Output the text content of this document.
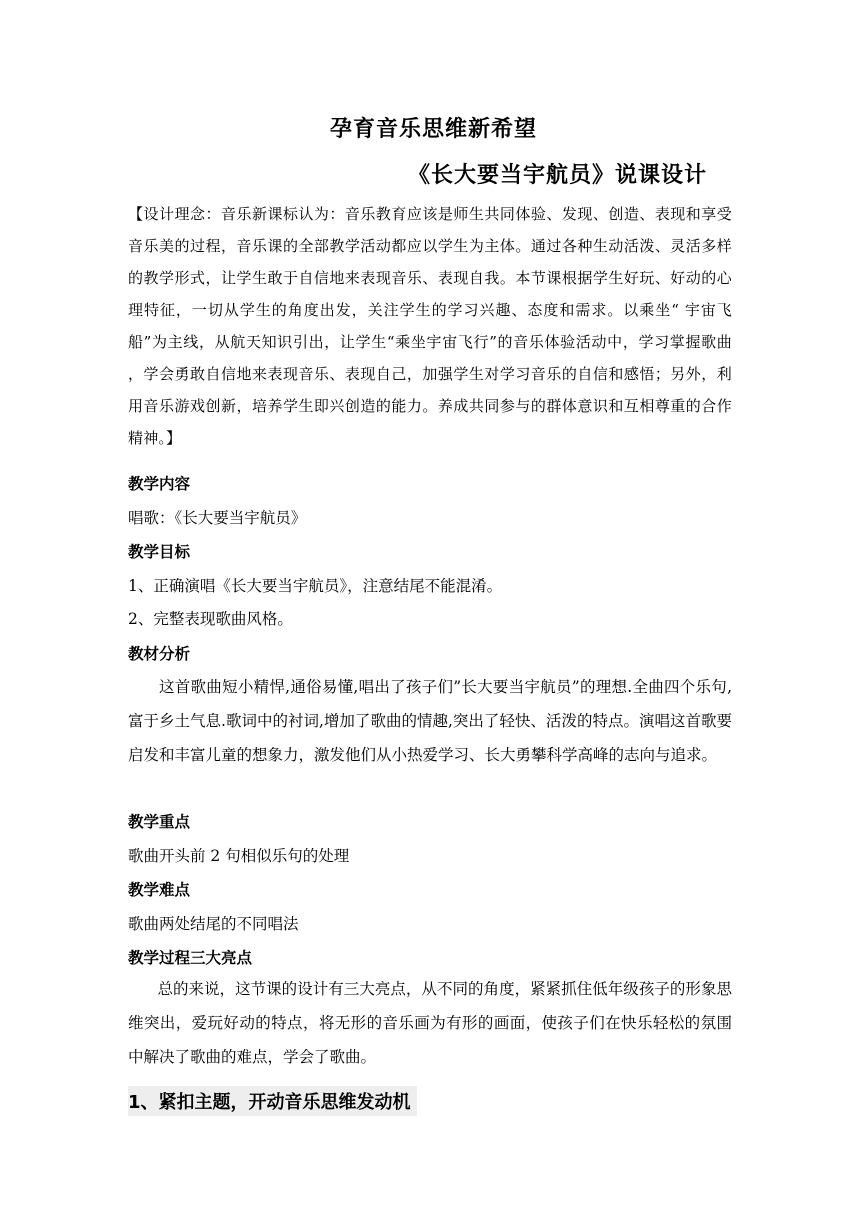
孕育音乐思维新希望
《长大要当宇航员》说课设计
【设计理念：音乐新课标认为：音乐教育应该是师生共同体验、发现、创造、表现和享受音乐美的过程，音乐课的全部教学活动都应以学生为主体。通过各种生动活泼、灵活多样的教学形式，让学生敢于自信地来表现音乐、表现自我。本节课根据学生好玩、好动的心理特征，一切从学生的角度出发，关注学生的学习兴趣、态度和需求。以乘坐“ 宇宙飞船”为主线，从航天知识引出，让学生“乘坐宇宙飞行”的音乐体验活动中，学习掌握歌曲 ，学会勇敢自信地来表现音乐、表现自己，加强学生对学习音乐的自信和感悟；另外，利用音乐游戏创新，培养学生即兴创造的能力。养成共同参与的群体意识和互相尊重的合作精神。】
教学内容
唱歌：《长大要当宇航员》
教学目标
1、正确演唱《长大要当宇航员》，注意结尾不能混淆。
2、完整表现歌曲风格。
教材分析
这首歌曲短小精悍,通俗易懂,唱出了孩子们”长大要当宇航员”的理想.全曲四个乐句,富于乡土气息.歌词中的衬词,增加了歌曲的情趣,突出了轻快、活泼的特点。演唱这首歌要启发和丰富儿童的想象力，激发他们从小热爱学习、长大勇攀科学高峰的志向与追求。
教学重点
歌曲开头前 2 句相似乐句的处理
教学难点
歌曲两处结尾的不同唱法
教学过程三大亮点
总的来说，这节课的设计有三大亮点，从不同的角度，紧紧抓住低年级孩子的形象思维突出，爱玩好动的特点，将无形的音乐画为有形的画面，使孩子们在快乐轻松的氛围中解决了歌曲的难点，学会了歌曲。
1、紧扣主题，开动音乐思维发动机
